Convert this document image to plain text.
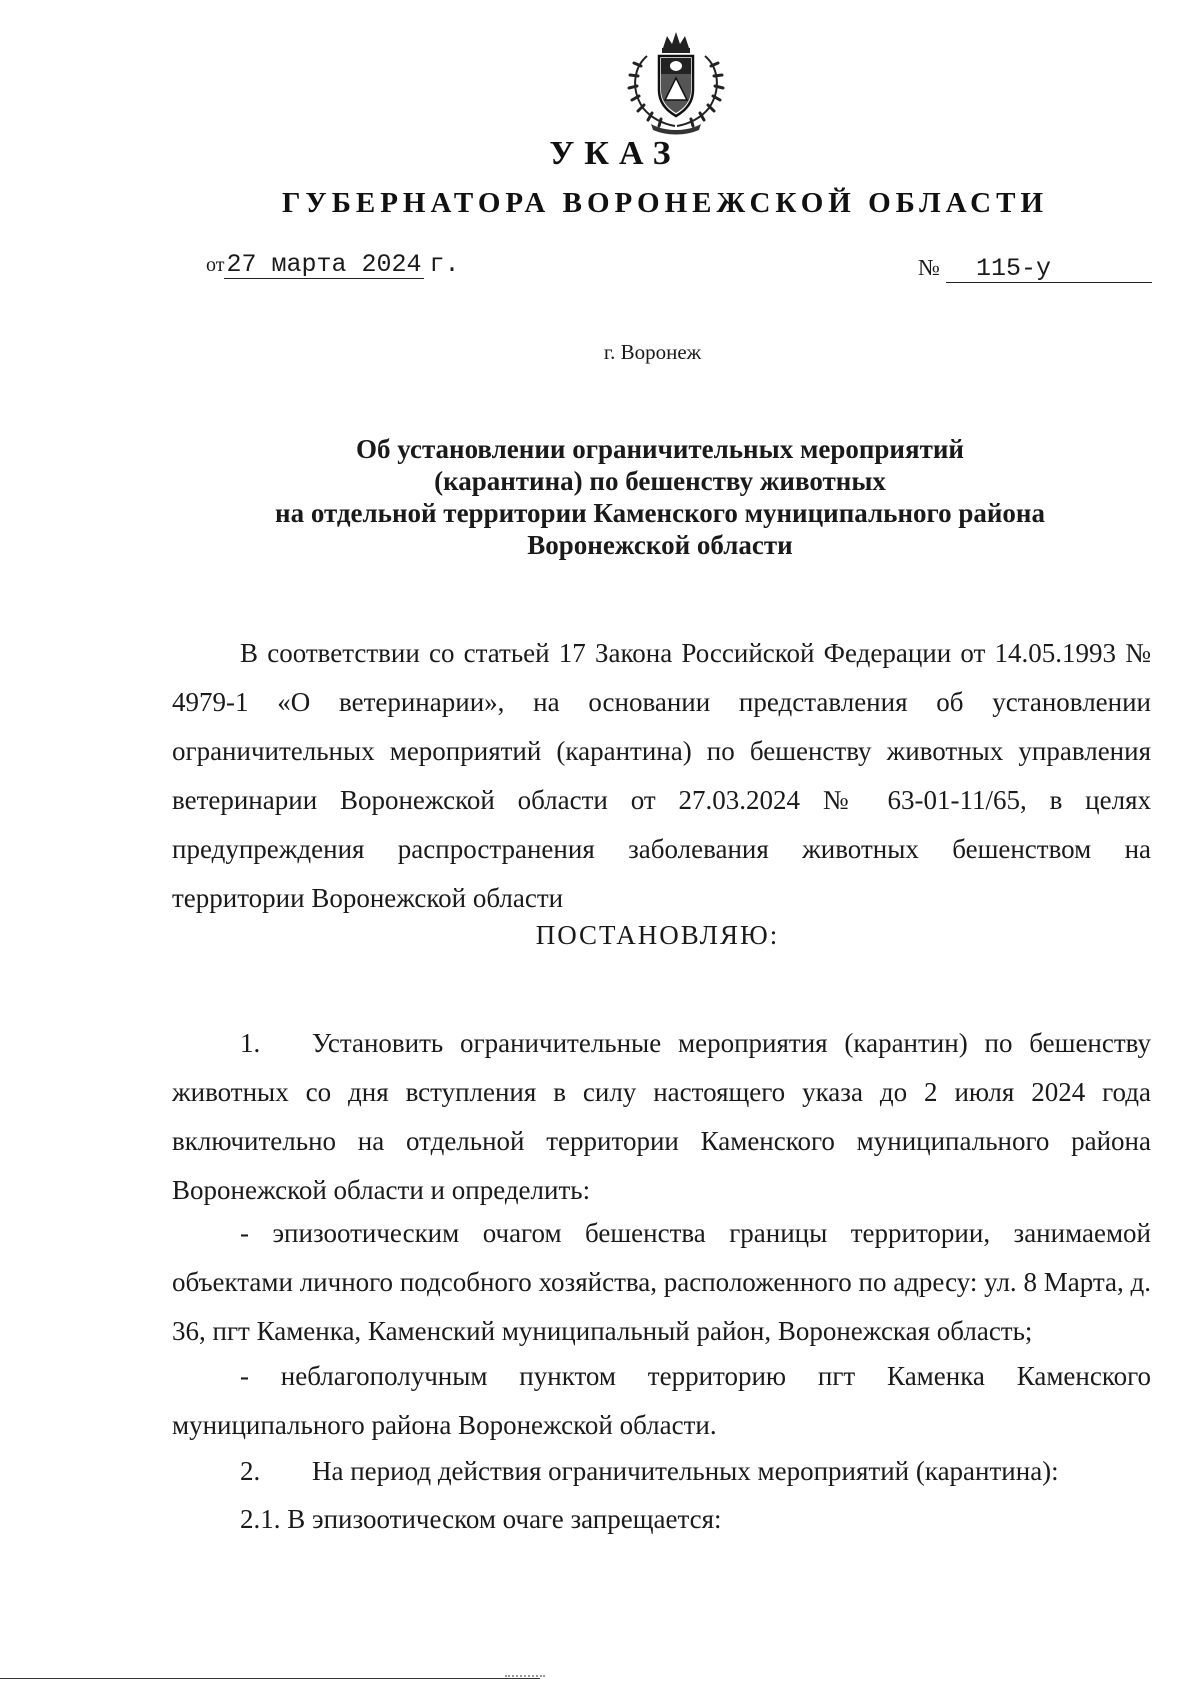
УКАЗ
ГУБЕРНАТОРА ВОРОНЕЖСКОЙ ОБЛАСТИ
от27 марта 2024 г.	№ 115-у
г. Воронеж
Об установлении ограничительных мероприятий
(карантина) по бешенству животных
на отдельной территории Каменского муниципального района
Воронежской области
В соответствии со статьей 17 Закона Российской Федерации от 14.05.1993 № 4979-1 «О ветеринарии», на основании представления об установлении ограничительных мероприятий (карантина) по бешенству животных управления ветеринарии Воронежской области от 27.03.2024 № 63-01-11/65, в целях предупреждения распространения заболевания животных бешенством на территории Воронежской области
ПОСТАНОВЛЯЮ:
1. Установить ограничительные мероприятия (карантин) по бешенству животных со дня вступления в силу настоящего указа до 2 июля 2024 года включительно на отдельной территории Каменского муниципального района Воронежской области и определить:
- эпизоотическим очагом бешенства границы территории, занимаемой объектами личного подсобного хозяйства, расположенного по адресу: ул. 8 Марта, д. 36, пгт Каменка, Каменский муниципальный район, Воронежская область;
- неблагополучным пунктом территорию пгт Каменка Каменского муниципального района Воронежской области.
2. На период действия ограничительных мероприятий (карантина):
2.1. В эпизоотическом очаге запрещается:
